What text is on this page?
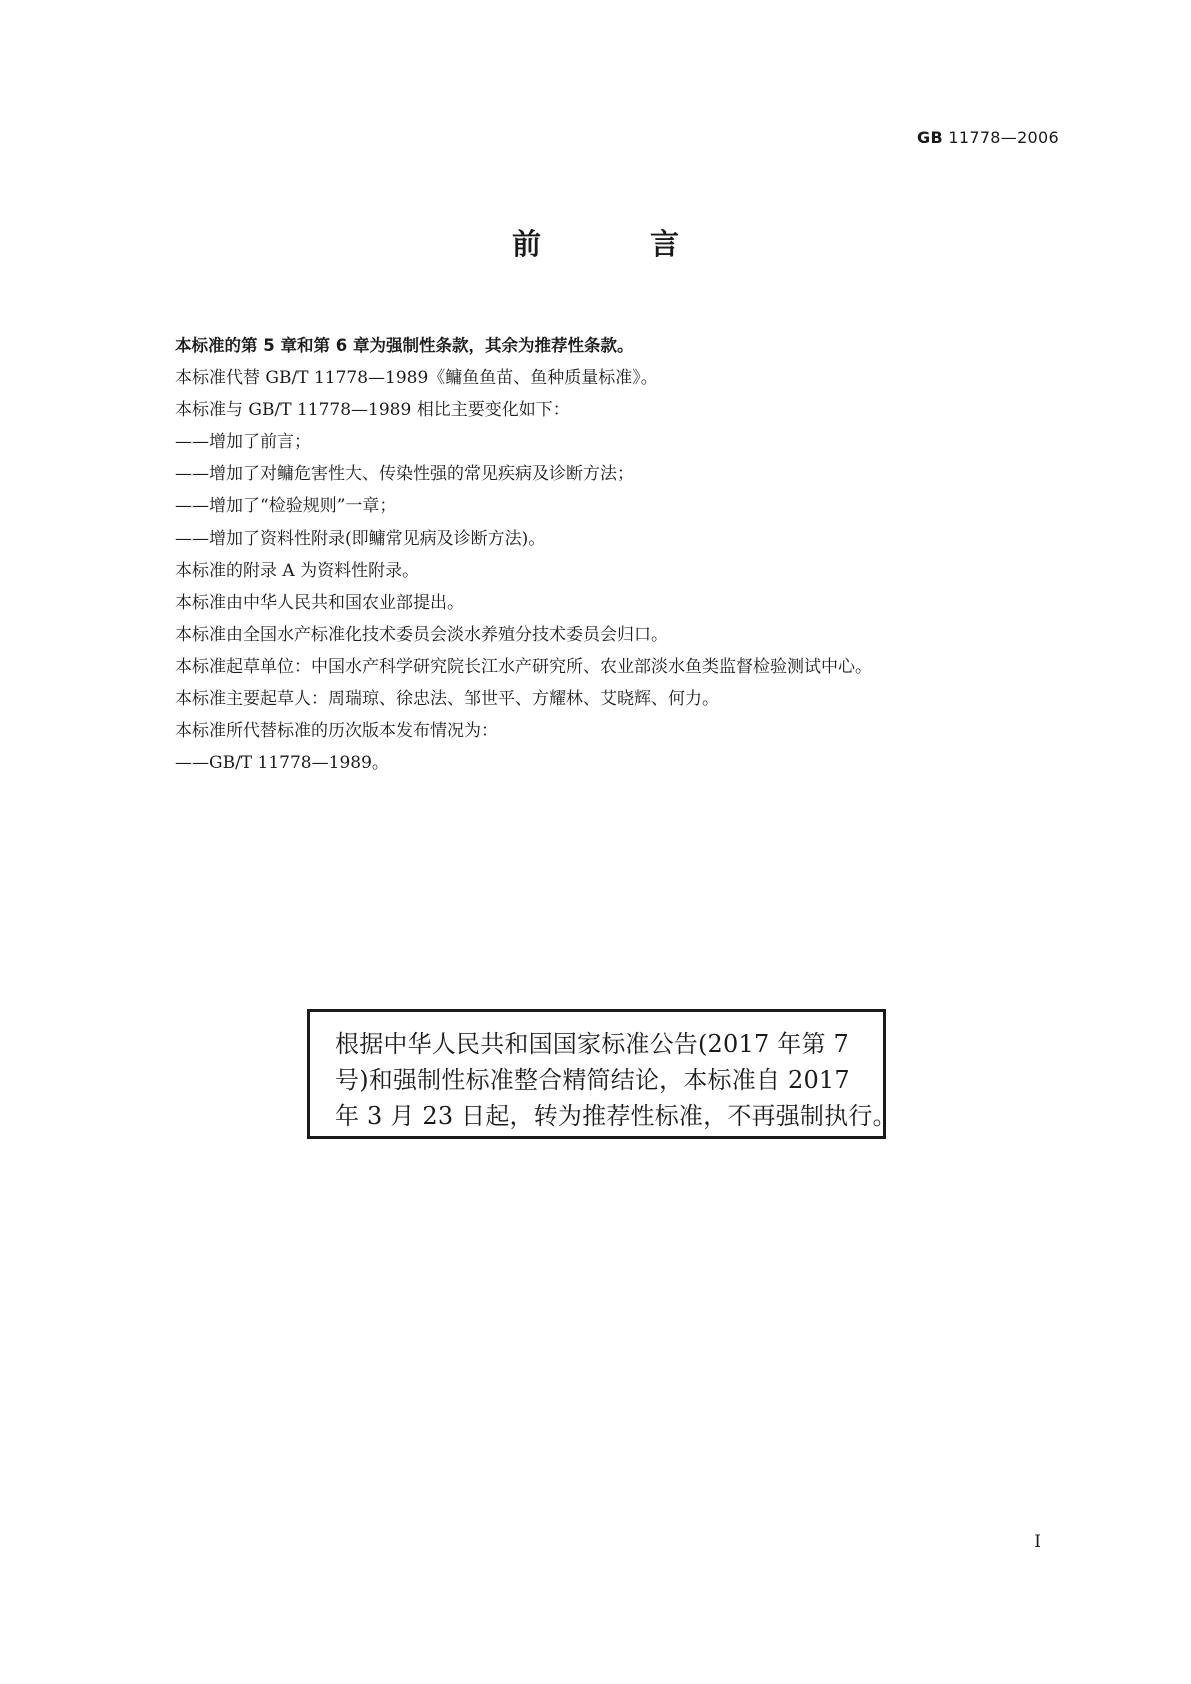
GB 11778—2006
前　言
本标准的第 5 章和第 6 章为强制性条款，其余为推荐性条款。
本标准代替 GB/T 11778—1989《鳙鱼鱼苗、鱼种质量标准》。
本标准与 GB/T 11778—1989 相比主要变化如下：
——增加了前言；
——增加了对鳙危害性大、传染性强的常见疾病及诊断方法；
——增加了“检验规则”一章；
——增加了资料性附录(即鳙常见病及诊断方法)。
本标准的附录 A 为资料性附录。
本标准由中华人民共和国农业部提出。
本标准由全国水产标准化技术委员会淡水养殖分技术委员会归口。
本标准起草单位：中国水产科学研究院长江水产研究所、农业部淡水鱼类监督检验测试中心。
本标准主要起草人：周瑞琼、徐忠法、邹世平、方耀林、艾晓辉、何力。
本标准所代替标准的历次版本发布情况为：
——GB/T 11778—1989。
根据中华人民共和国国家标准公告(2017 年第 7
号)和强制性标准整合精简结论，本标准自 2017
年 3 月 23 日起，转为推荐性标准，不再强制执行。
I
